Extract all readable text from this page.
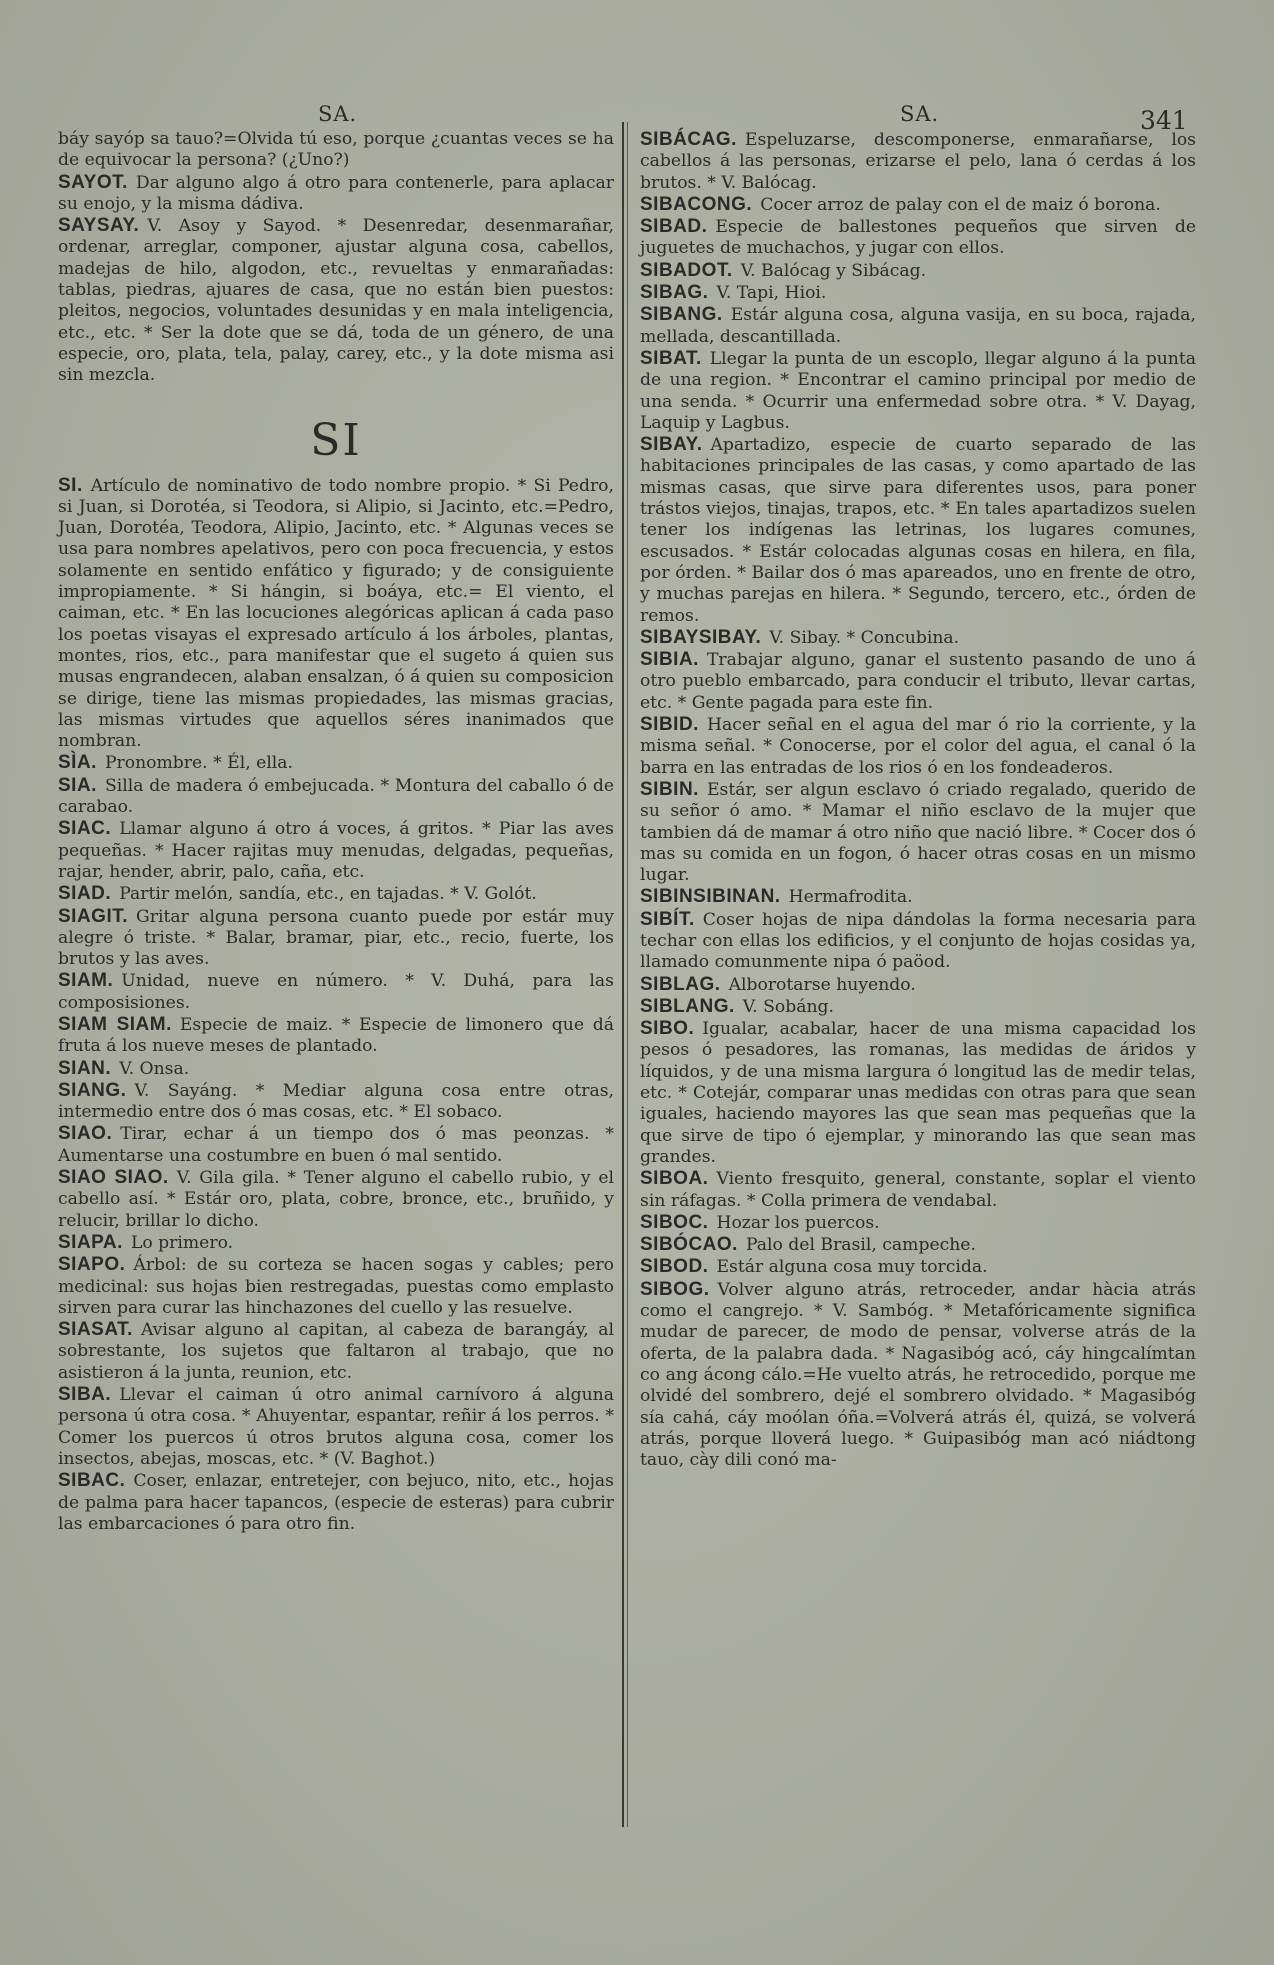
SA.	SA.	341
báy sayóp sa tauo?=Olvida tú eso, porque ¿cuantas veces se ha de equivocar la persona? (¿Uno?)

SAYOT. Dar alguno algo á otro para contenerle, para aplacar su enojo, y la misma dádiva.

SAYSAY. V. Asoy y Sayod. * Desenredar, desenmarañar, ordenar, arreglar, componer, ajustar alguna cosa, cabellos, madejas de hilo, algodon, etc., revueltas y enmarañadas: tablas, piedras, ajuares de casa, que no están bien puestos: pleitos, negocios, voluntades desunidas y en mala inteligencia, etc., etc. * Ser la dote que se dá, toda de un género, de una especie, oro, plata, tela, palay, carey, etc., y la dote misma asi sin mezcla.

SI

SI. Artículo de nominativo de todo nombre propio. * Si Pedro, si Juan, si Dorotéa, si Teodora, si Alipio, si Jacinto, etc.=Pedro, Juan, Dorotéa, Teodora, Alipio, Jacinto, etc. * Algunas veces se usa para nombres apelativos, pero con poca frecuencia, y estos solamente en sentido enfático y figurado; y de consiguiente impropiamente. * Si hángin, si boáya, etc.= El viento, el caiman, etc. * En las locuciones alegóricas aplican á cada paso los poetas visayas el expresado artículo á los árboles, plantas, montes, rios, etc., para manifestar que el sugeto á quien sus musas engrandecen, alaban ensalzan, ó á quien su composicion se dirige, tiene las mismas propiedades, las mismas gracias, las mismas virtudes que aquellos séres inanimados que nombran.

SÌA. Pronombre. * Él, ella.

SIA. Silla de madera ó embejucada. * Montura del caballo ó de carabao.

SIAC. Llamar alguno á otro á voces, á gritos. * Piar las aves pequeñas. * Hacer rajitas muy menudas, delgadas, pequeñas, rajar, hender, abrir, palo, caña, etc.

SIAD. Partir melón, sandía, etc., en tajadas. * V. Golót.

SIAGIT. Gritar alguna persona cuanto puede por estár muy alegre ó triste. * Balar, bramar, piar, etc., recio, fuerte, los brutos y las aves.

SIAM. Unidad, nueve en número. * V. Duhá, para las composisiones.

SIAM SIAM. Especie de maiz. * Especie de limonero que dá fruta á los nueve meses de plantado.

SIAN. V. Onsa.

SIANG. V. Sayáng. * Mediar alguna cosa entre otras, intermedio entre dos ó mas cosas, etc. * El sobaco.

SIAO. Tirar, echar á un tiempo dos ó mas peonzas. * Aumentarse una costumbre en buen ó mal sentido.

SIAO SIAO. V. Gila gila. * Tener alguno el cabello rubio, y el cabello así. * Estár oro, plata, cobre, bronce, etc., bruñido, y relucir, brillar lo dicho.

SIAPA. Lo primero.

SIAPO. Árbol: de su corteza se hacen sogas y cables; pero medicinal: sus hojas bien restregadas, puestas como emplasto sirven para curar las hinchazones del cuello y las resuelve.

SIASAT. Avisar alguno al capitan, al cabeza de barangáy, al sobrestante, los sujetos que faltaron al trabajo, que no asistieron á la junta, reunion, etc.

SIBA. Llevar el caiman ú otro animal carnívoro á alguna persona ú otra cosa. * Ahuyentar, espantar, reñir á los perros. * Comer los puercos ú otros brutos alguna cosa, comer los insectos, abejas, moscas, etc. * (V. Baghot.)

SIBAC. Coser, enlazar, entretejer, con bejuco, nito, etc., hojas de palma para hacer tapancos, (especie de esteras) para cubrir las embarcaciones ó para otro fin.

SIBÁCAG. Espeluzarse, descomponerse, enmarañarse, los cabellos á las personas, erizarse el pelo, lana ó cerdas á los brutos. * V. Balócag.

SIBACONG. Cocer arroz de palay con el de maiz ó borona.

SIBAD. Especie de ballestones pequeños que sirven de juguetes de muchachos, y jugar con ellos.

SIBADOT. V. Balócag y Sibácag.

SIBAG. V. Tapi, Hioi.

SIBANG. Estár alguna cosa, alguna vasija, en su boca, rajada, mellada, descantillada.

SIBAT. Llegar la punta de un escoplo, llegar alguno á la punta de una region. * Encontrar el camino principal por medio de una senda. * Ocurrir una enfermedad sobre otra. * V. Dayag, Laquip y Lagbus.

SIBAY. Apartadizo, especie de cuarto separado de las habitaciones principales de las casas, y como apartado de las mismas casas, que sirve para diferentes usos, para poner trástos viejos, tinajas, trapos, etc. * En tales apartadizos suelen tener los indígenas las letrinas, los lugares comunes, escusados. * Estár colocadas algunas cosas en hilera, en fila, por órden. * Bailar dos ó mas apareados, uno en frente de otro, y muchas parejas en hilera. * Segundo, tercero, etc., órden de remos.

SIBAYSIBAY. V. Sibay. * Concubina.

SIBIA. Trabajar alguno, ganar el sustento pasando de uno á otro pueblo embarcado, para conducir el tributo, llevar cartas, etc. * Gente pagada para este fin.

SIBID. Hacer señal en el agua del mar ó rio la corriente, y la misma señal. * Conocerse, por el color del agua, el canal ó la barra en las entradas de los rios ó en los fondeaderos.

SIBIN. Estár, ser algun esclavo ó criado regalado, querido de su señor ó amo. * Mamar el niño esclavo de la mujer que tambien dá de mamar á otro niño que nació libre. * Cocer dos ó mas su comida en un fogon, ó hacer otras cosas en un mismo lugar.

SIBINSIBINAN. Hermafrodita.

SIBÍT. Coser hojas de nipa dándolas la forma necesaria para techar con ellas los edificios, y el conjunto de hojas cosidas ya, llamado comunmente nipa ó paöod.

SIBLAG. Alborotarse huyendo.

SIBLANG. V. Sobáng.

SIBO. Igualar, acabalar, hacer de una misma capacidad los pesos ó pesadores, las romanas, las medidas de áridos y líquidos, y de una misma largura ó longitud las de medir telas, etc. * Cotejár, comparar unas medidas con otras para que sean iguales, haciendo mayores las que sean mas pequeñas que la que sirve de tipo ó ejemplar, y minorando las que sean mas grandes.

SIBOA. Viento fresquito, general, constante, soplar el viento sin ráfagas. * Colla primera de vendabal.

SIBOC. Hozar los puercos.

SIBÓCAO. Palo del Brasil, campeche.

SIBOD. Estár alguna cosa muy torcida.

SIBOG. Volver alguno atrás, retroceder, andar hàcia atrás como el cangrejo. * V. Sambóg. * Metafóricamente significa mudar de parecer, de modo de pensar, volverse atrás de la oferta, de la palabra dada. * Nagasibóg acó, cáy hingcalímtan co ang ácong cálo.=He vuelto atrás, he retrocedido, porque me olvidé del sombrero, dejé el sombrero olvidado. * Magasibóg sía cahá, cáy moólan óña.=Volverá atrás él, quizá, se volverá atrás, porque lloverá luego. * Guipasibóg man acó niádtong tauo, cày dili conó ma-
